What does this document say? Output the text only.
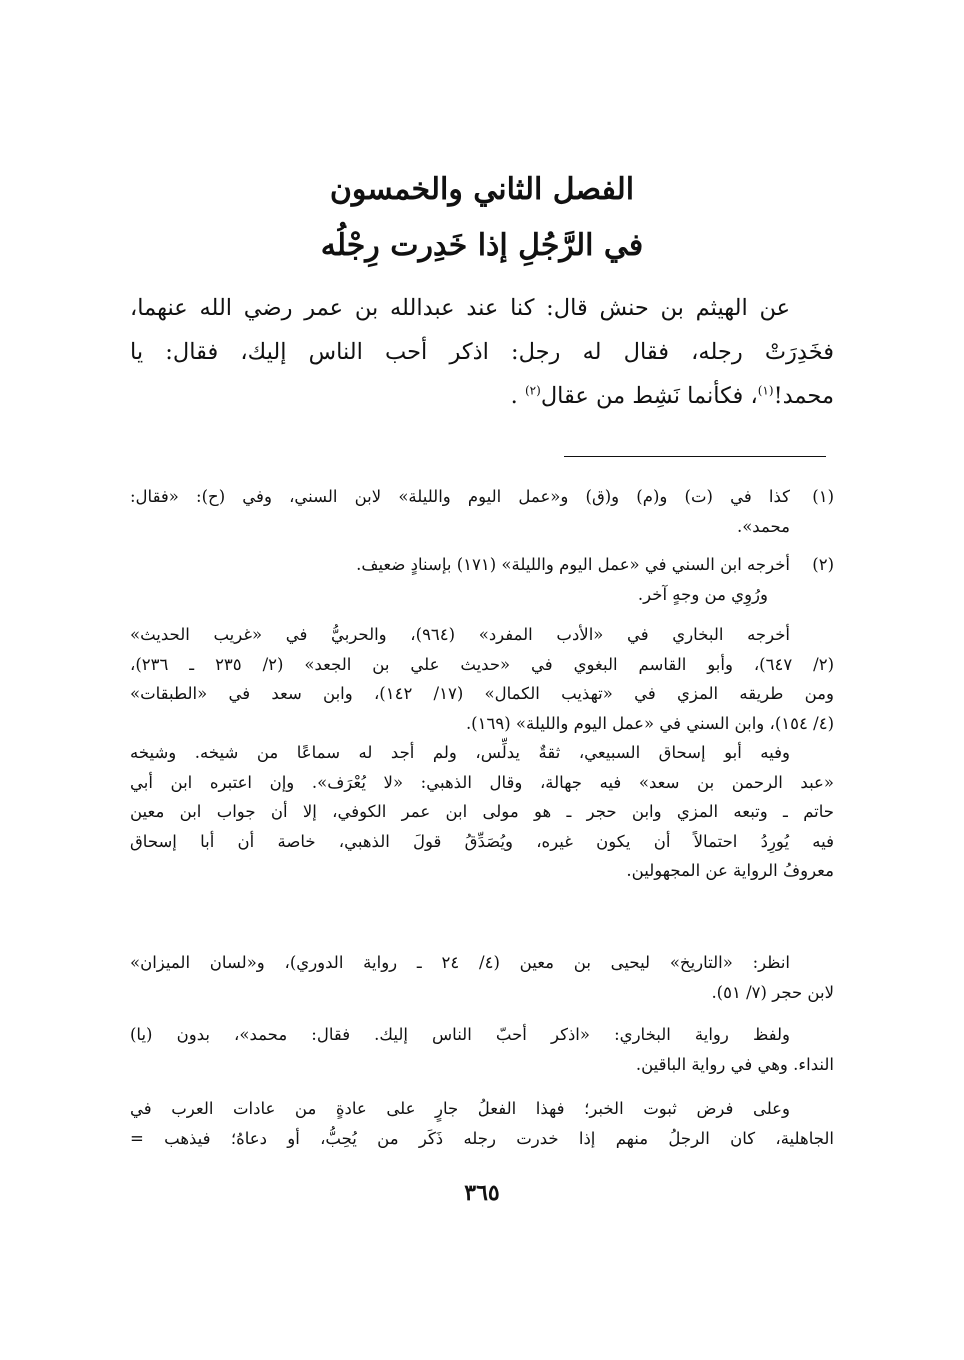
الفصل الثاني والخمسون
في الرَّجُلِ إذا خَدِرت رِجْلُه
عن الهيثم بن حنش قال: كنا عند عبدالله بن عمر رضي الله عنهما،
فخَدِرَتْ رجله، فقال له رجل: اذكر أحب الناس إليك، فقال: يا
محمد!$^{(١)}$، فكأنما نَشِط من عقال$^{(٢)}$ .
(١)
كذا في (ت) و(م) و(ق) و«عمل اليوم والليلة» لابن السني، وفي (ح): «فقال:
محمد».
(٢)
أخرجه ابن السني في «عمل اليوم والليلة» (١٧١) بإسنادٍ ضعيف.
ورُوِي من وجهٍ آخر.
أخرجه البخاري في «الأدب المفرد» (٩٦٤)، والحربيُّ في «غريب الحديث»
(٢/ ٦٤٧)، وأبو القاسم البغوي في «حديث علي بن الجعد» (٢/ ٢٣٥ ـ ٢٣٦)،
ومن طريقه المزي في «تهذيب الكمال» (١٧/ ١٤٢)، وابن سعد في «الطبقات»
(٤/ ١٥٤)، وابن السني في «عمل اليوم والليلة» (١٦٩).
وفيه أبو إسحاق السبيعي، ثقةٌ يدلِّس، ولم أجد له سماعًا من شيخه. وشيخه
«عبد الرحمن بن سعد» فيه جهالة، وقال الذهبي: «لا يُعْرَف». وإن اعتبره ابن أبي
حاتم ـ وتبعه المزي وابن حجر ـ هو مولى ابن عمر الكوفي، إلا أن جواب ابن معين
فيه يُورِدُ احتمالاً أن يكون غيره، ويُصَدِّقُ قولَ الذهبي، خاصة أن أبا إسحاق
معروفُ الرواية عن المجهولين.
انظر: «التاريخ» ليحيى بن معين (٤/ ٢٤ ـ رواية الدوري)، و«لسان الميزان»
لابن حجر (٧/ ٥١).
ولفظ رواية البخاري: «اذكر أحبّ الناس إليك. فقال: محمد»، بدون (يا)
النداء. وهي في رواية الباقين.
وعلى فرض ثبوت الخبر؛ فهذا الفعلُ جارٍ على عادةٍ من عادات العرب في
الجاهلية، كان الرجلُ منهم إذا خدرت رجله ذَكَر من يُحِبُّ، أو دعاهُ؛ فيذهب =
٣٦٥
